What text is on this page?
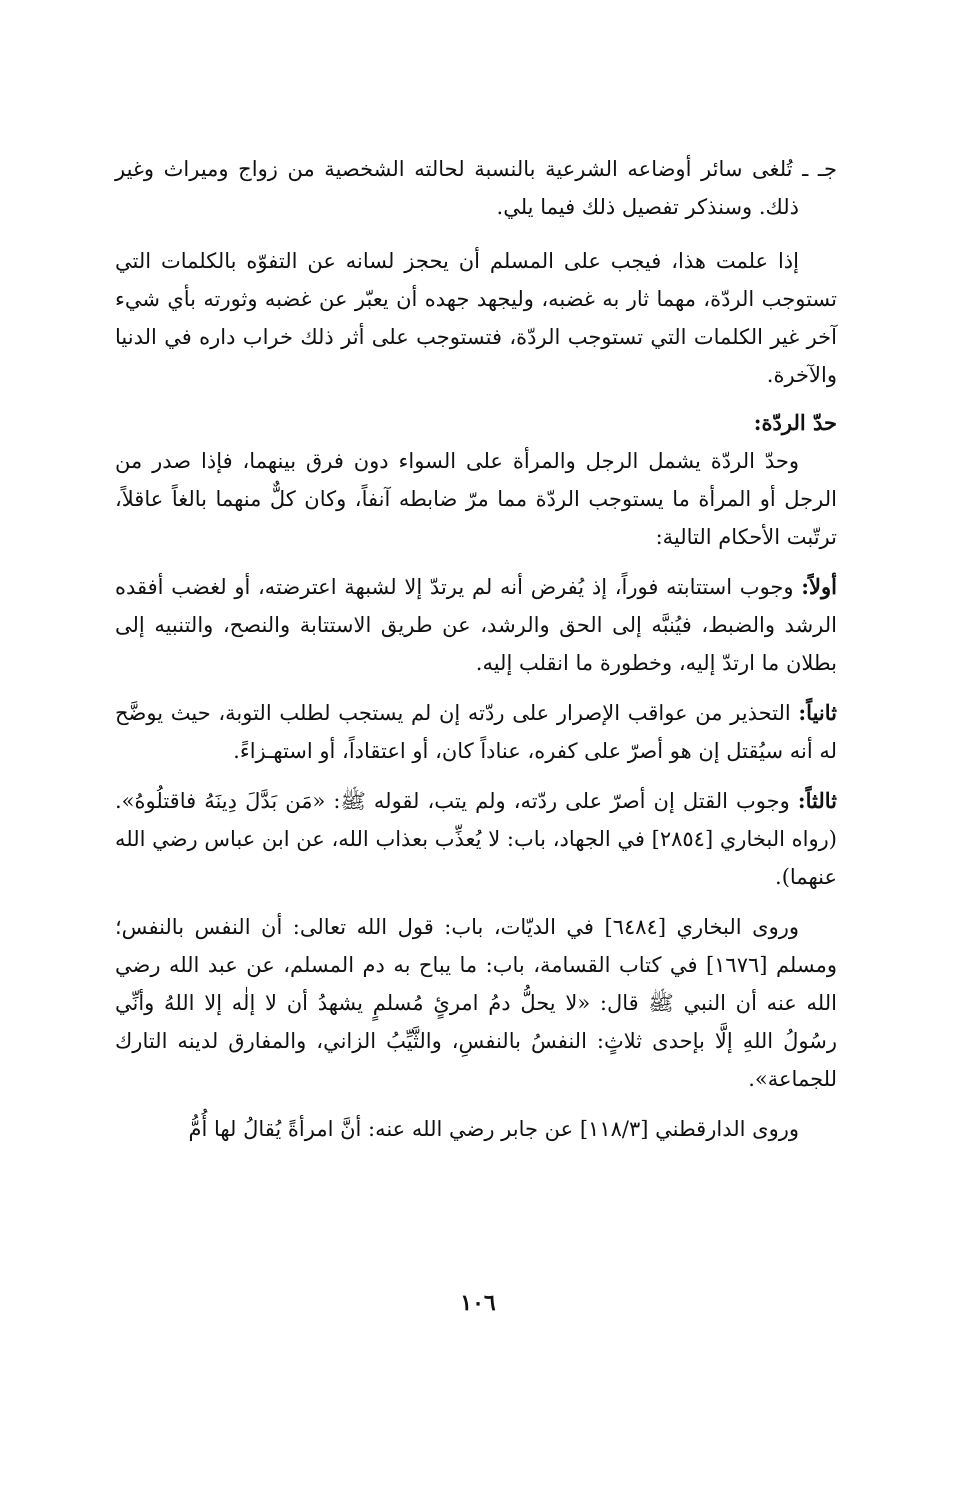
جـ ـ تُلغى سائر أوضاعه الشرعية بالنسبة لحالته الشخصية من زواج وميراث وغير ذلك. وسنذكر تفصيل ذلك فيما يلي.

إذا علمت هذا، فيجب على المسلم أن يحجز لسانه عن التفوّه بالكلمات التي تستوجب الردّة، مهما ثار به غضبه، وليجهد جهده أن يعبّر عن غضبه وثورته بأي شيء آخر غير الكلمات التي تستوجب الردّة، فتستوجب على أثر ذلك خراب داره في الدنيا والآخرة.

حدّ الردّة:

وحدّ الردّة يشمل الرجل والمرأة على السواء دون فرق بينهما، فإذا صدر من الرجل أو المرأة ما يستوجب الردّة مما مرّ ضابطه آنفاً، وكان كلٌّ منهما بالغاً عاقلاً، ترتّبت الأحكام التالية:

أولاً: وجوب استتابته فوراً، إذ يُفرض أنه لم يرتدّ إلا لشبهة اعترضته، أو لغضب أفقده الرشد والضبط، فيُنبَّه إلى الحق والرشد، عن طريق الاستتابة والنصح، والتنبيه إلى بطلان ما ارتدّ إليه، وخطورة ما انقلب إليه.

ثانياً: التحذير من عواقب الإصرار على ردّته إن لم يستجب لطلب التوبة، حيث يوضَّح له أنه سيُقتل إن هو أصرّ على كفره، عناداً كان، أو اعتقاداً، أو استهـزاءً.

ثالثاً: وجوب القتل إن أصرّ على ردّته، ولم يتب، لقوله ﷺ: «مَن بَدَّلَ دِينَهُ فاقتلُوهُ». (رواه البخاري [٢٨٥٤] في الجهاد، باب: لا يُعذِّب بعذاب الله، عن ابن عباس رضي الله عنهما).

وروى البخاري [٦٤٨٤] في الديّات، باب: قول الله تعالى: أن النفس بالنفس؛ ومسلم [١٦٧٦] في كتاب القسامة، باب: ما يباح به دم المسلم، عن عبد الله رضي الله عنه أن النبي ﷺ قال: «لا يحلُّ دمُ امرئٍ مُسلمٍ يشهدُ أن لا إلٰه إلا اللهُ وأنِّي رسُولُ اللهِ إلَّا بإحدى ثلاثٍ: النفسُ بالنفسِ، والثَّيِّبُ الزاني، والمفارق لدينه التارك للجماعة».

وروى الدارقطني [١١٨/٣] عن جابر رضي الله عنه: أنَّ امرأةً يُقالُ لها أُمُّ

١٠٦
